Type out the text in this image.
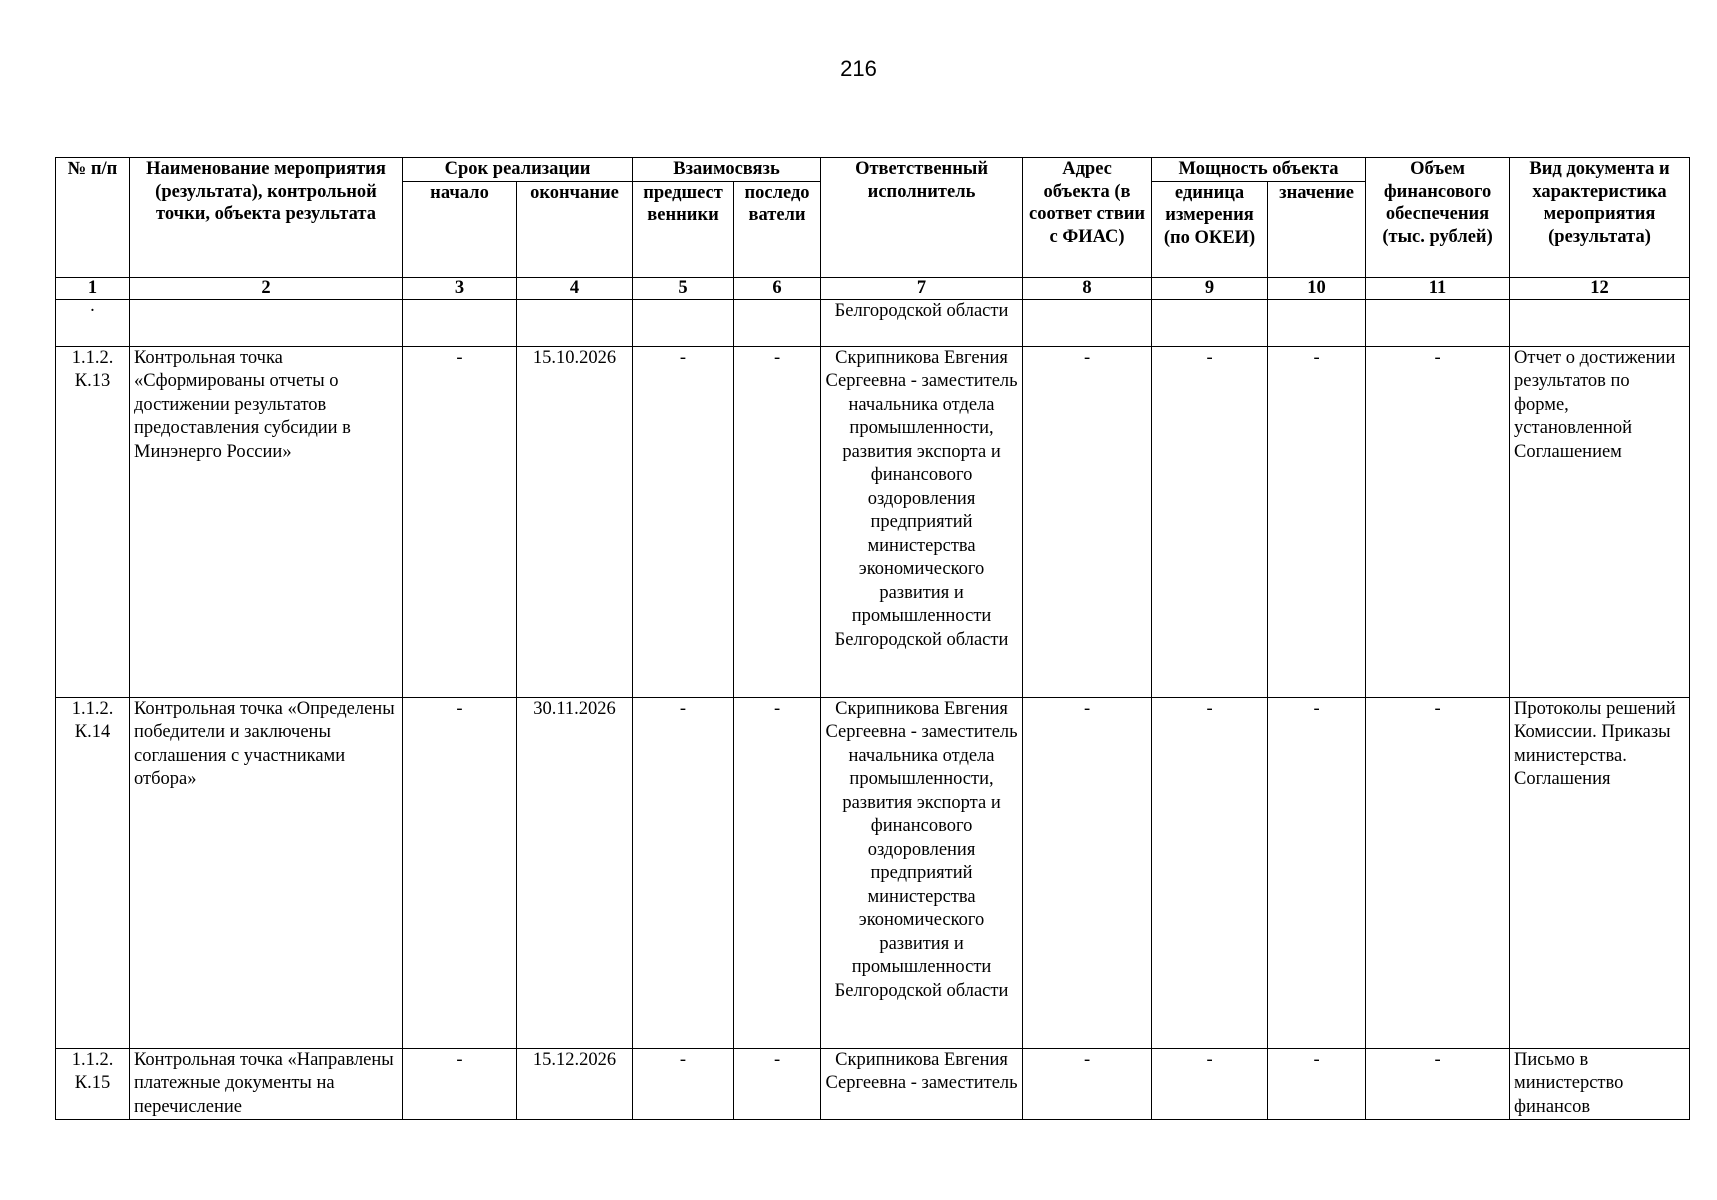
216
№ п/п	Наименование мероприятия (результата), контрольной точки, объекта результата	Срок реализации		Взаимосвязь		Ответственный исполнитель	Адрес объекта (в соответ ствии с ФИАС)	Мощность объекта		Объем финансового обеспечения (тыс. рублей)	Вид документа и характеристика мероприятия (результата)
		начало	окончание	предшест венники	последо ватели			единица измерения (по ОКЕИ)	значение		
1	2	3	4	5	6	7	8	9	10	11	12
·						Белгородской области					
1.1.2. К.13	Контрольная точка «Сформированы отчеты о достижении результатов предоставления субсидии в Минэнерго России»	-	15.10.2026	-	-	Скрипникова Евгения Сергеевна - заместитель начальника отдела промышленности, развития экспорта и финансового оздоровления предприятий министерства экономического развития и промышленности Белгородской области	-	-	-	-	Отчет о достижении результатов по форме, установленной Соглашением
1.1.2. К.14	Контрольная точка «Определены победители и заключены соглашения с участниками отбора»	-	30.11.2026	-	-	Скрипникова Евгения Сергеевна - заместитель начальника отдела промышленности, развития экспорта и финансового оздоровления предприятий министерства экономического развития и промышленности Белгородской области	-	-	-	-	Протоколы решений Комиссии. Приказы министерства. Соглашения
1.1.2. К.15	Контрольная точка «Направлены платежные документы на перечисление	-	15.12.2026	-	-	Скрипникова Евгения Сергеевна - заместитель	-	-	-	-	Письмо в министерство финансов
